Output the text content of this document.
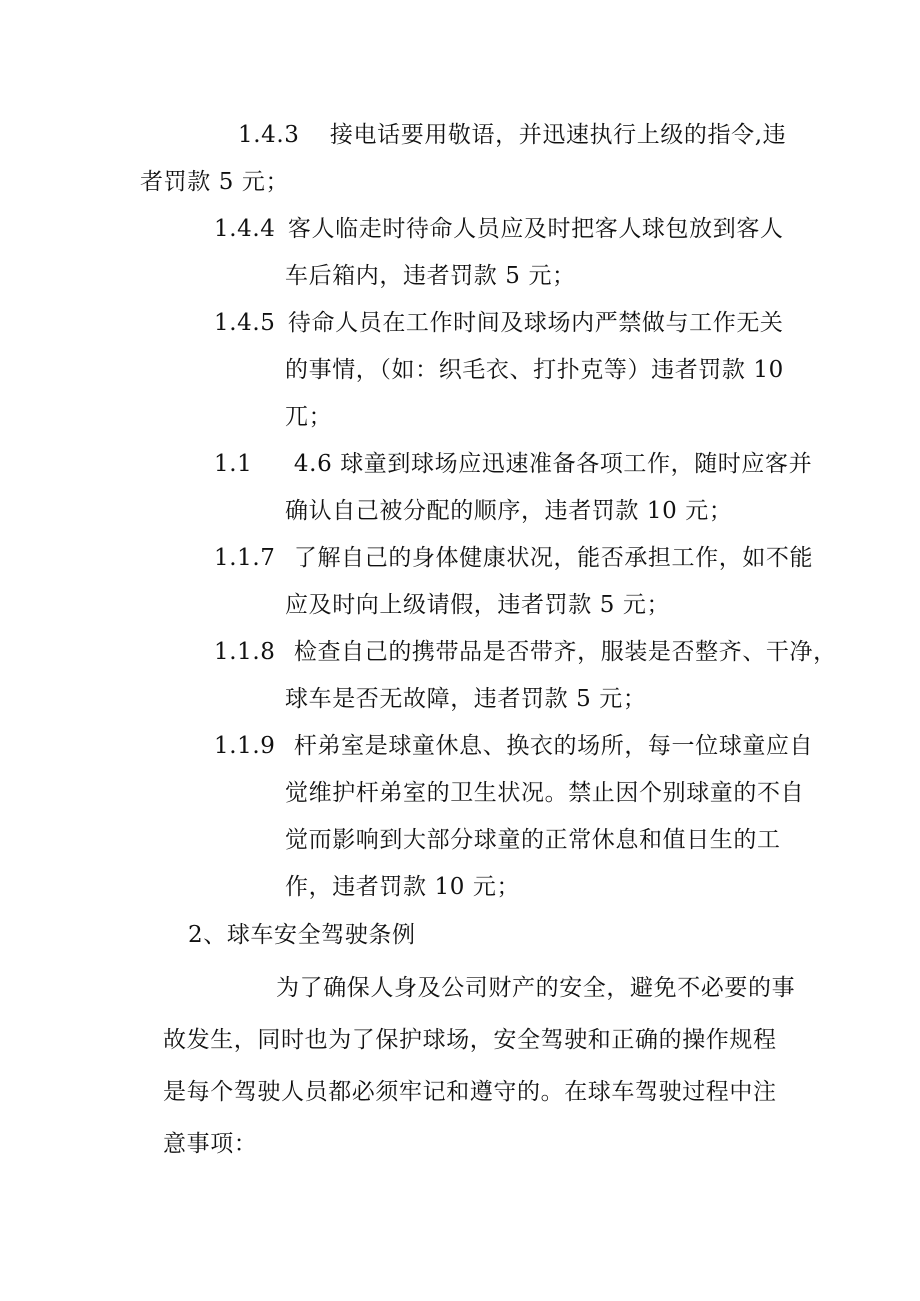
1.4.3 接电话要用敬语，并迅速执行上级的指令,违
者罚款 5 元；
1.4.4 客人临走时待命人员应及时把客人球包放到客人
车后箱内，违者罚款 5 元；
1.4.5 待命人员在工作时间及球场内严禁做与工作无关
的事情，（如：织毛衣、打扑克等）违者罚款 10
兀；
1.1 4.6 球童到球场应迅速准备各项工作，随时应客并
确认自己被分配的顺序，违者罚款 10 元；
1.1.7 了解自己的身体健康状况，能否承担工作，如不能
应及时向上级请假，违者罚款 5 元；
1.1.8 检查自己的携带品是否带齐，服装是否整齐、干净，
球车是否无故障，违者罚款 5 元；
1.1.9 杆弟室是球童休息、换衣的场所，每一位球童应自
觉维护杆弟室的卫生状况。禁止因个别球童的不自
觉而影响到大部分球童的正常休息和值日生的工
作，违者罚款 10 元；
2、球车安全驾驶条例
为了确保人身及公司财产的安全，避免不必要的事
故发生，同时也为了保护球场，安全驾驶和正确的操作规程
是每个驾驶人员都必须牢记和遵守的。在球车驾驶过程中注
意事项：
